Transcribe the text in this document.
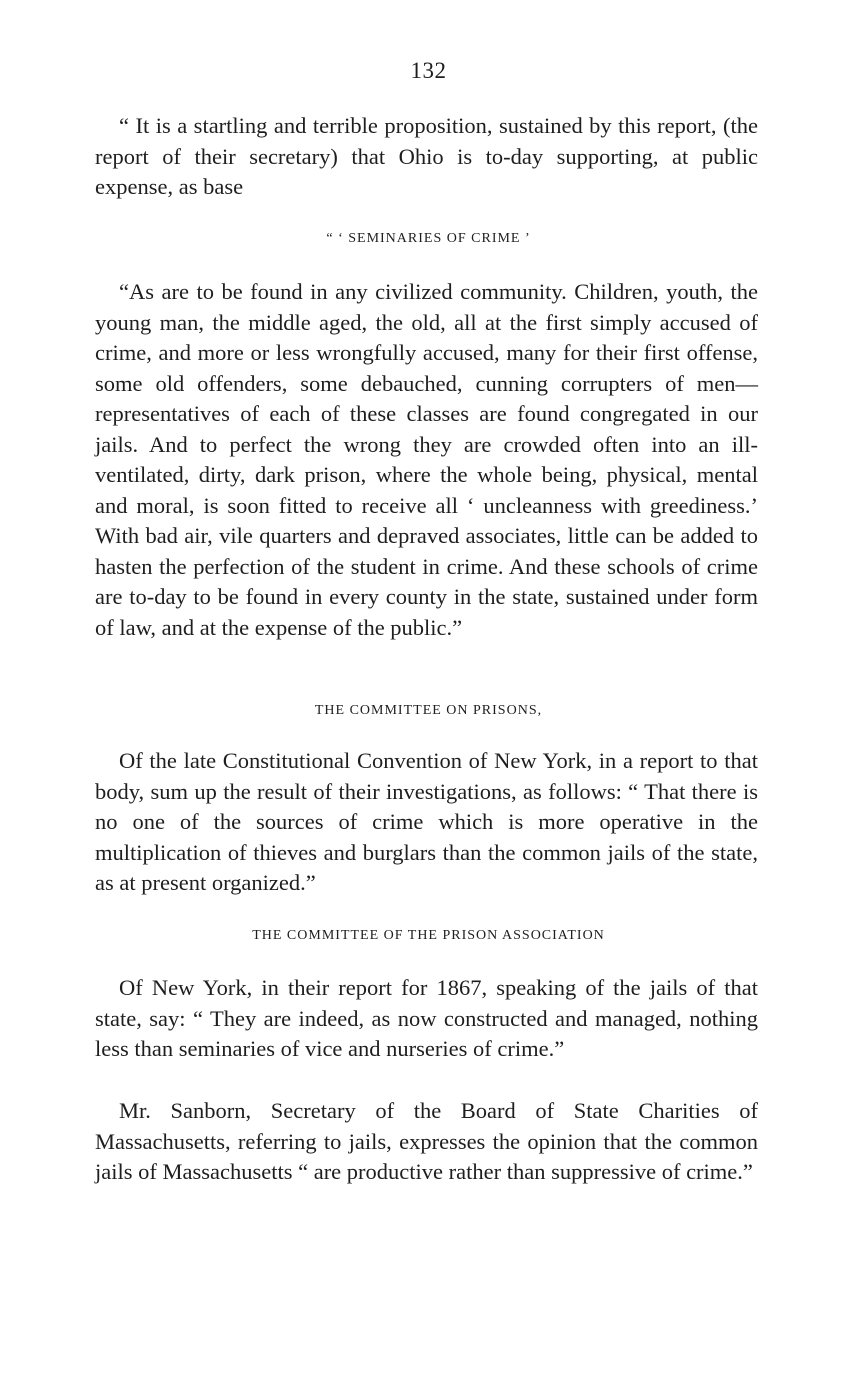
132

“ It is a startling and terrible proposition, sustained by this report, (the report of their secretary) that Ohio is to-day supporting, at public expense, as base

“ ‘ SEMINARIES OF CRIME ’

“As are to be found in any civilized community. Children, youth, the young man, the middle aged, the old, all at the first simply accused of crime, and more or less wrongfully accused, many for their first offense, some old offenders, some debauched, cunning corrupters of men—representatives of each of these classes are found congregated in our jails. And to perfect the wrong they are crowded often into an ill-ventilated, dirty, dark prison, where the whole being, physical, mental and moral, is soon fitted to receive all ‘ uncleanness with greediness.’ With bad air, vile quarters and depraved associates, little can be added to hasten the perfection of the student in crime. And these schools of crime are to-day to be found in every county in the state, sustained under form of law, and at the expense of the public.”

THE COMMITTEE ON PRISONS,

Of the late Constitutional Convention of New York, in a report to that body, sum up the result of their investigations, as follows: “ That there is no one of the sources of crime which is more operative in the multiplication of thieves and burglars than the common jails of the state, as at present organized.”

THE COMMITTEE OF THE PRISON ASSOCIATION

Of New York, in their report for 1867, speaking of the jails of that state, say: “ They are indeed, as now constructed and managed, nothing less than seminaries of vice and nurseries of crime.”

Mr. Sanborn, Secretary of the Board of State Charities of Massachusetts, referring to jails, expresses the opinion that the common jails of Massachusetts “ are productive rather than suppressive of crime.”
